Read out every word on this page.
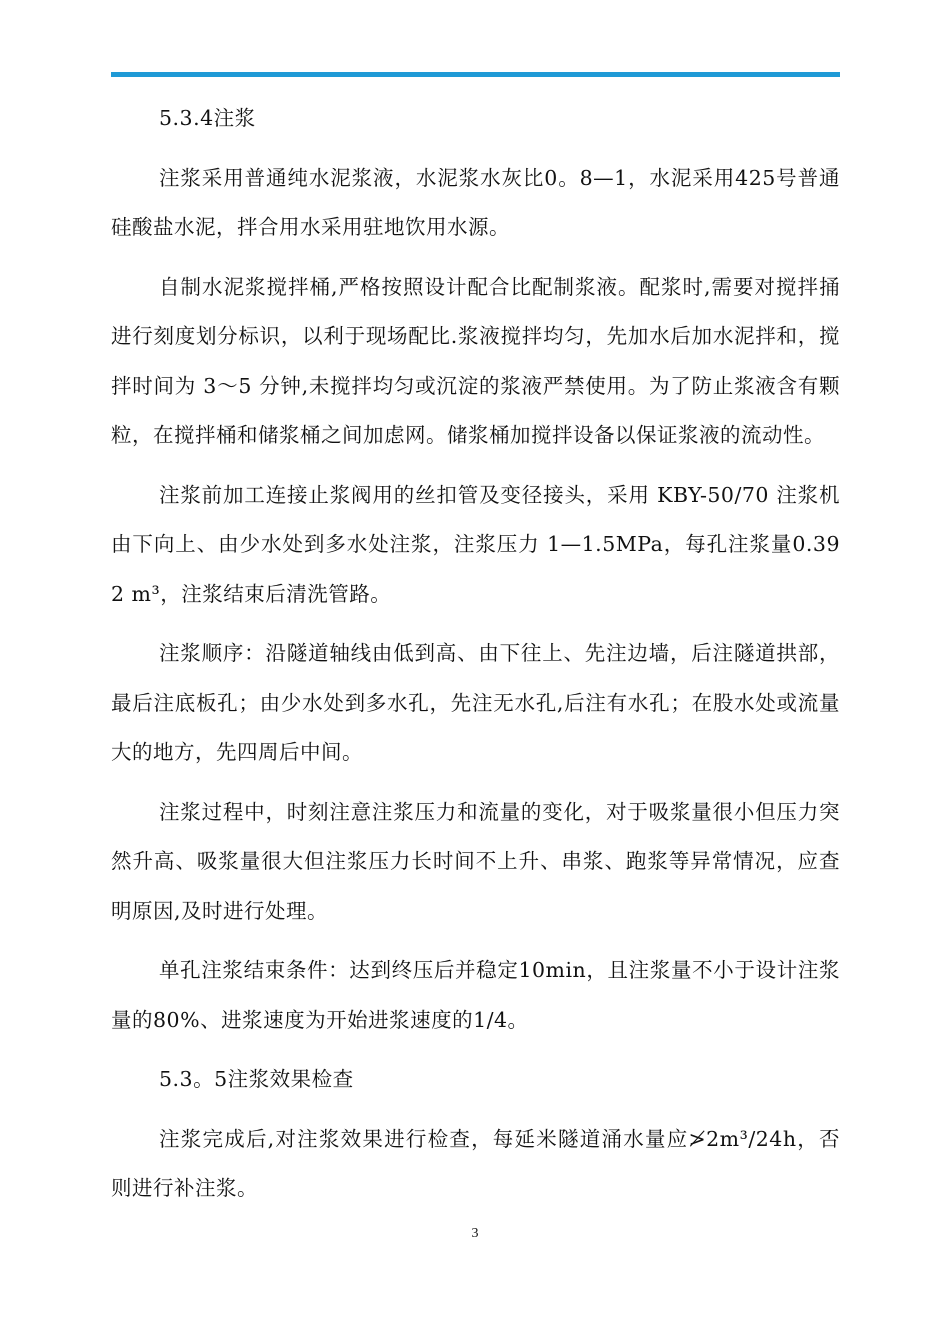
5.3.4注浆

注浆采用普通纯水泥浆液，水泥浆水灰比0。8—1，水泥采用425号普通硅酸盐水泥，拌合用水采用驻地饮用水源。

自制水泥浆搅拌桶,严格按照设计配合比配制浆液。配浆时,需要对搅拌捅进行刻度划分标识，以利于现场配比.浆液搅拌均匀，先加水后加水泥拌和，搅拌时间为 3～5 分钟,未搅拌均匀或沉淀的浆液严禁使用。为了防止浆液含有颗粒，在搅拌桶和储浆桶之间加虑网。储浆桶加搅拌设备以保证浆液的流动性。

注浆前加工连接止浆阀用的丝扣管及变径接头，采用 KBY-50/70 注浆机由下向上、由少水处到多水处注浆，注浆压力 1—1.5MPa，每孔注浆量0.392 m³，注浆结束后清洗管路。

注浆顺序：沿隧道轴线由低到高、由下往上、先注边墙，后注隧道拱部，最后注底板孔；由少水处到多水孔，先注无水孔,后注有水孔；在股水处或流量大的地方，先四周后中间。

注浆过程中，时刻注意注浆压力和流量的变化，对于吸浆量很小但压力突然升高、吸浆量很大但注浆压力长时间不上升、串浆、跑浆等异常情况，应查明原因,及时进行处理。

单孔注浆结束条件：达到终压后并稳定10min，且注浆量不小于设计注浆量的80%、进浆速度为开始进浆速度的1/4。

5.3。5注浆效果检查

注浆完成后,对注浆效果进行检查，每延米隧道涌水量应≯2m³/24h，否则进行补注浆。

3
